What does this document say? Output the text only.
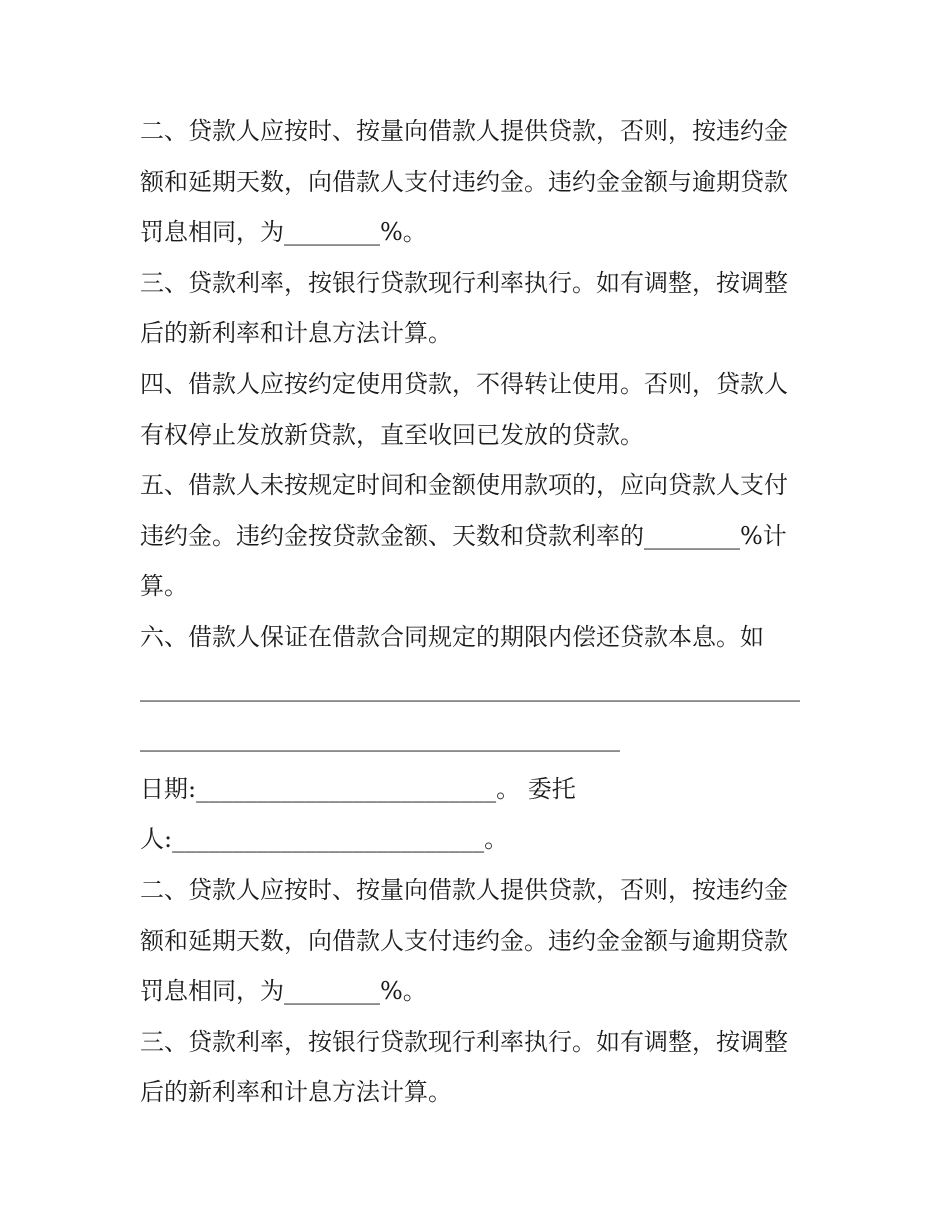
二、贷款人应按时、按量向借款人提供贷款，否则，按违约金
额和延期天数，向借款人支付违约金。违约金金额与逾期贷款
罚息相同，为________%。
三、贷款利率，按银行贷款现行利率执行。如有调整，按调整
后的新利率和计息方法计算。
四、借款人应按约定使用贷款，不得转让使用。否则，贷款人
有权停止发放新贷款，直至收回已发放的贷款。
五、借款人未按规定时间和金额使用款项的，应向贷款人支付
违约金。违约金按贷款金额、天数和贷款利率的________%计
算。
六、借款人保证在借款合同规定的期限内偿还贷款本息。如
_______________________________________________________
________________________________________
日期:_________________________。 委托
人:__________________________。
二、贷款人应按时、按量向借款人提供贷款，否则，按违约金
额和延期天数，向借款人支付违约金。违约金金额与逾期贷款
罚息相同，为________%。
三、贷款利率，按银行贷款现行利率执行。如有调整，按调整
后的新利率和计息方法计算。
